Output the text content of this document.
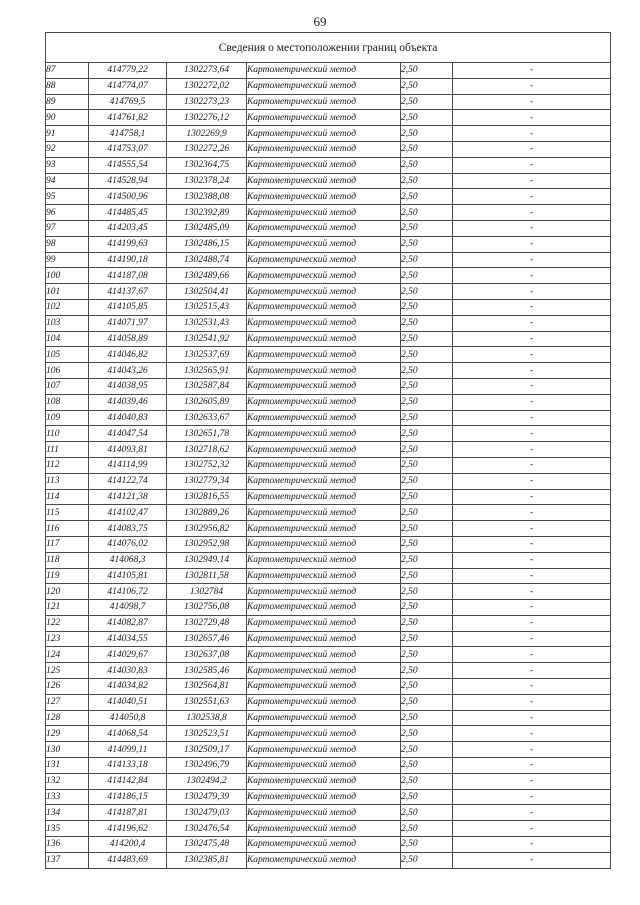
69
Сведения о местоположении границ объекта					
87	414779,22	1302273,64	Картометрический метод	2,50	-
88	414774,07	1302272,02	Картометрический метод	2,50	-
89	414769,5	1302273,23	Картометрический метод	2,50	-
90	414761,82	1302276,12	Картометрический метод	2,50	-
91	414758,1	1302269,9	Картометрический метод	2,50	-
92	414753,07	1302272,26	Картометрический метод	2,50	-
93	414555,54	1302364,75	Картометрический метод	2,50	-
94	414528,94	1302378,24	Картометрический метод	2,50	-
95	414500,96	1302388,08	Картометрический метод	2,50	-
96	414485,45	1302392,89	Картометрический метод	2,50	-
97	414203,45	1302485,09	Картометрический метод	2,50	-
98	414199,63	1302486,15	Картометрический метод	2,50	-
99	414190,18	1302488,74	Картометрический метод	2,50	-
100	414187,08	1302489,66	Картометрический метод	2,50	-
101	414137,67	1302504,41	Картометрический метод	2,50	-
102	414105,85	1302515,43	Картометрический метод	2,50	-
103	414071,97	1302531,43	Картометрический метод	2,50	-
104	414058,89	1302541,92	Картометрический метод	2,50	-
105	414046,82	1302537,69	Картометрический метод	2,50	-
106	414043,26	1302565,91	Картометрический метод	2,50	-
107	414038,95	1302587,84	Картометрический метод	2,50	-
108	414039,46	1302605,89	Картометрический метод	2,50	-
109	414040,83	1302633,67	Картометрический метод	2,50	-
110	414047,54	1302651,78	Картометрический метод	2,50	-
111	414093,81	1302718,62	Картометрический метод	2,50	-
112	414114,99	1302752,32	Картометрический метод	2,50	-
113	414122,74	1302779,34	Картометрический метод	2,50	-
114	414121,38	1302816,55	Картометрический метод	2,50	-
115	414102,47	1302889,26	Картометрический метод	2,50	-
116	414083,75	1302956,82	Картометрический метод	2,50	-
117	414076,02	1302952,98	Картометрический метод	2,50	-
118	414068,3	1302949,14	Картометрический метод	2,50	-
119	414105,81	1302811,58	Картометрический метод	2,50	-
120	414106,72	1302784	Картометрический метод	2,50	-
121	414098,7	1302756,08	Картометрический метод	2,50	-
122	414082,87	1302729,48	Картометрический метод	2,50	-
123	414034,55	1302657,46	Картометрический метод	2,50	-
124	414029,67	1302637,08	Картометрический метод	2,50	-
125	414030,83	1302585,46	Картометрический метод	2,50	-
126	414034,82	1302564,81	Картометрический метод	2,50	-
127	414040,51	1302551,63	Картометрический метод	2,50	-
128	414050,8	1302538,8	Картометрический метод	2,50	-
129	414068,54	1302523,51	Картометрический метод	2,50	-
130	414099,11	1302509,17	Картометрический метод	2,50	-
131	414133,18	1302496,79	Картометрический метод	2,50	-
132	414142,84	1302494,2	Картометрический метод	2,50	-
133	414186,15	1302479,39	Картометрический метод	2,50	-
134	414187,81	1302479,03	Картометрический метод	2,50	-
135	414196,62	1302476,54	Картометрический метод	2,50	-
136	414200,4	1302475,48	Картометрический метод	2,50	-
137	414483,69	1302385,81	Картометрический метод	2,50	-
